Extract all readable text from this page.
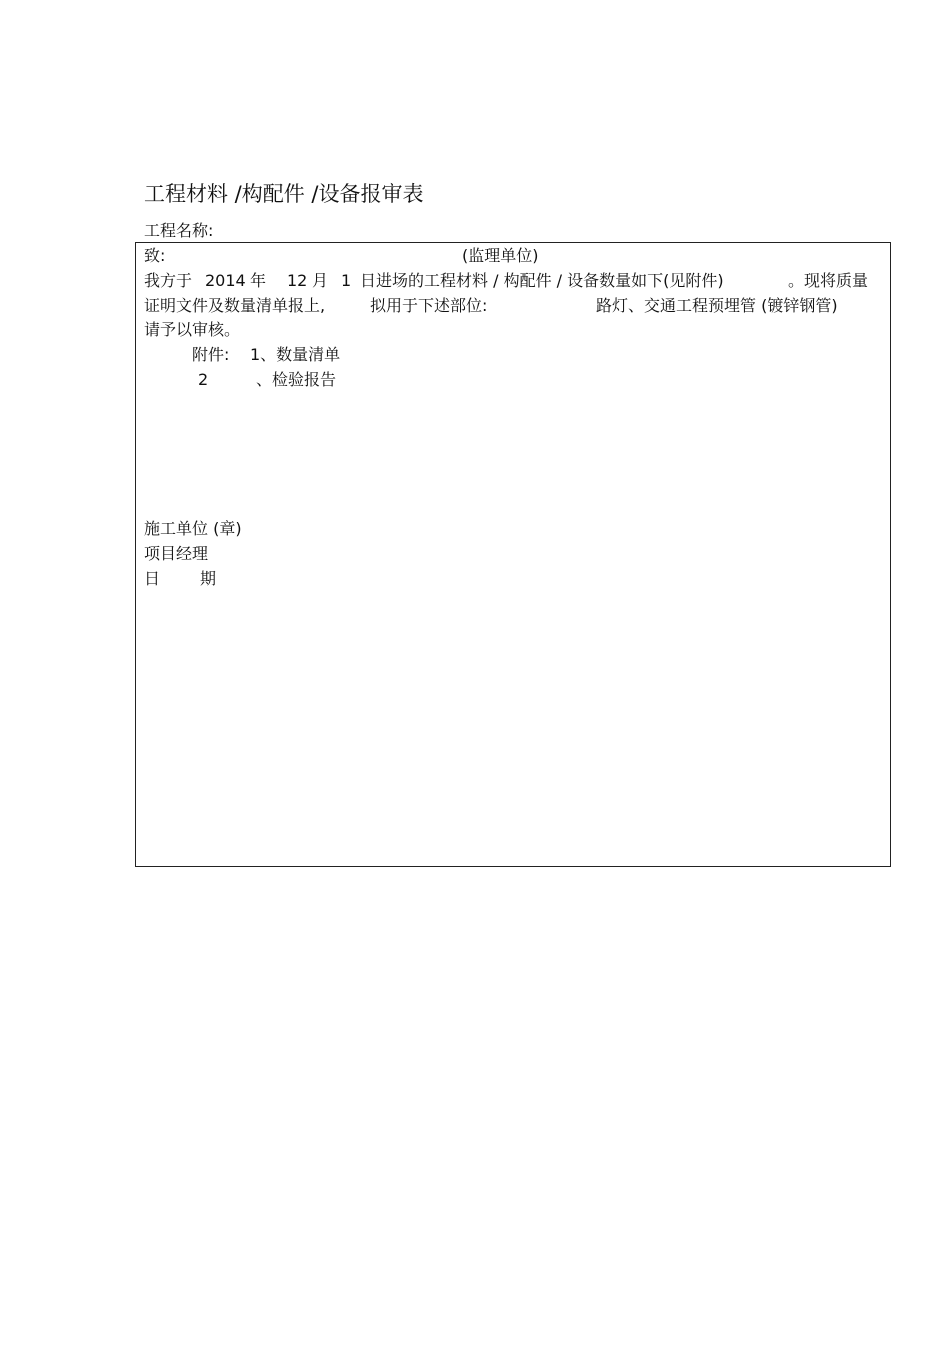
工程材料 /构配件 /设备报审表
工程名称:
致:	(监理单位)
我方于 2014 年 12 月 1 日进场的工程材料 / 构配件 / 设备数量如下(见附件)	。现将质量
证明文件及数量清单报上,	拟用于下述部位:	路灯、交通工程预埋管 (镀锌钢管)
请予以审核。
附件: 1、数量清单
2	、检验报告
施工单位 (章)
项目经理
日 期
